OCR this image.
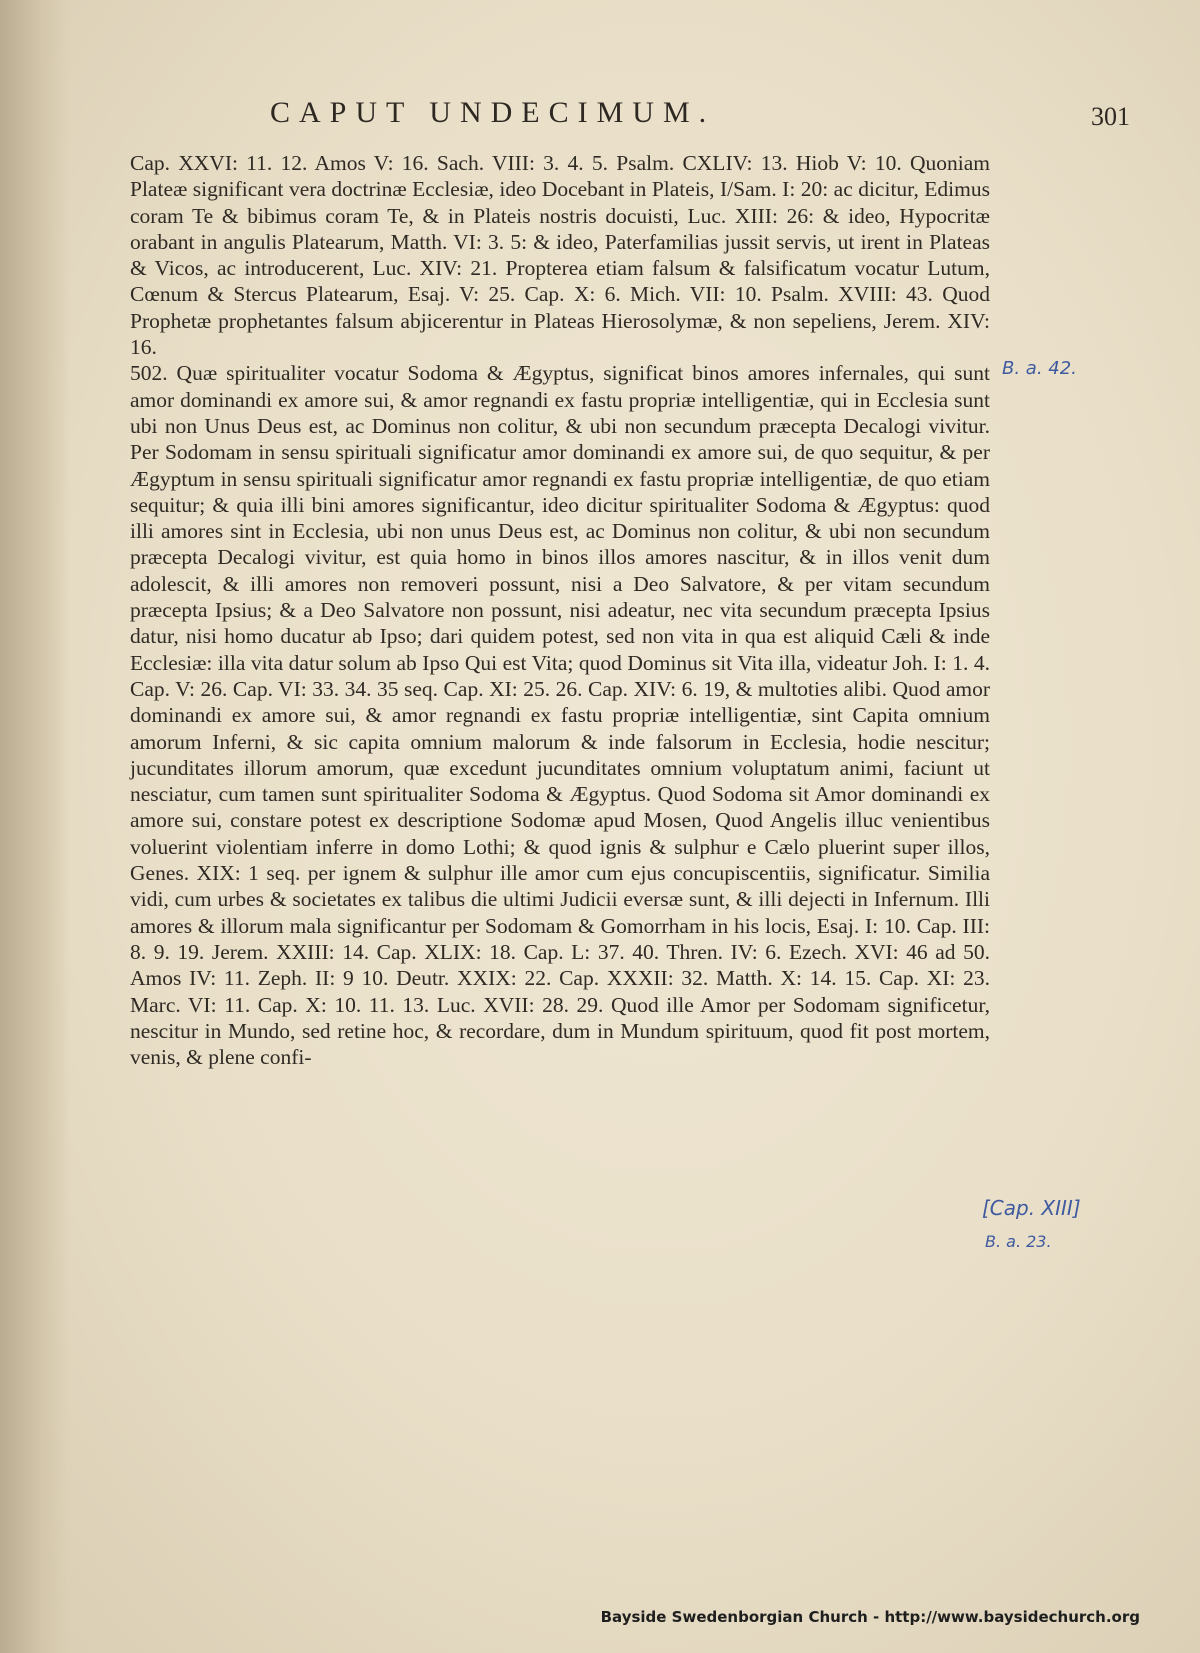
CAPUT UNDECIMUM.	301

Cap. XXVI: 11. 12. Amos V: 16. Sach. VIII: 3. 4. 5. Psalm. CXLIV: 13. Hiob V: 10. Quoniam Plateæ significant vera doctrinæ Ecclesiæ, ideo Docebant in Plateis, I/Sam. I: 20: ac dicitur, Edimus coram Te & bibimus coram Te, & in Plateis nostris docuisti, Luc. XIII: 26: & ideo, Hypocritæ orabant in angulis Platearum, Matth. VI: 3. 5: & ideo, Paterfamilias jussit servis, ut irent in Plateas & Vicos, ac introducerent, Luc. XIV: 21. Propterea etiam falsum & falsificatum vocatur Lutum, Cœnum & Stercus Platearum, Esaj. V: 25. Cap. X: 6. Mich. VII: 10. Psalm. XVIII: 43. Quod Prophetæ prophetantes falsum abjicerentur in Plateas Hierosolymæ, & non sepeliens, Jerem. XIV: 16.

502. Quæ spiritualiter vocatur Sodoma & Ægyptus, significat binos amores infernales, qui sunt amor dominandi ex amore sui, & amor regnandi ex fastu propriæ intelligentiæ, qui in Ecclesia sunt ubi non Unus Deus est, ac Dominus non colitur, & ubi non secundum præcepta Decalogi vivitur. Per Sodomam in sensu spirituali significatur amor dominandi ex amore sui, de quo sequitur, & per Ægyptum in sensu spirituali significatur amor regnandi ex fastu propriæ intelligentiæ, de quo etiam sequitur; & quia illi bini amores significantur, ideo dicitur spiritualiter Sodoma & Ægyptus: quod illi amores sint in Ecclesia, ubi non unus Deus est, ac Dominus non colitur, & ubi non secundum præcepta Decalogi vivitur, est quia homo in binos illos amores nascitur, & in illos venit dum adolescit, & illi amores non removeri possunt, nisi a Deo Salvatore, & per vitam secundum præcepta Ipsius; & a Deo Salvatore non possunt, nisi adeatur, nec vita secundum præcepta Ipsius datur, nisi homo ducatur ab Ipso; dari quidem potest, sed non vita in qua est aliquid Cæli & inde Ecclesiæ: illa vita datur solum ab Ipso Qui est Vita; quod Dominus sit Vita illa, videatur Joh. I: 1. 4. Cap. V: 26. Cap. VI: 33. 34. 35 seq. Cap. XI: 25. 26. Cap. XIV: 6. 19, & multoties alibi. Quod amor dominandi ex amore sui, & amor regnandi ex fastu propriæ intelligentiæ, sint Capita omnium amorum Inferni, & sic capita omnium malorum & inde falsorum in Ecclesia, hodie nescitur; jucunditates illorum amorum, quæ excedunt jucunditates omnium voluptatum animi, faciunt ut nesciatur, cum tamen sunt spiritualiter Sodoma & Ægyptus. Quod Sodoma sit Amor dominandi ex amore sui, constare potest ex descriptione Sodomæ apud Mosen, Quod Angelis illuc venientibus voluerint violentiam inferre in domo Lothi; & quod ignis & sulphur e Cælo pluerint super illos, Genes. XIX: 1 seq. per ignem & sulphur ille amor cum ejus concupiscentiis, significatur. Similia vidi, cum urbes & societates ex talibus die ultimi Judicii eversæ sunt, & illi dejecti in Infernum. Illi amores & illorum mala significantur per Sodomam & Gomorrham in his locis, Esaj. I: 10. Cap. III: 8. 9. 19. Jerem. XXIII: 14. Cap. XLIX: 18. Cap. L: 37. 40. Thren. IV: 6. Ezech. XVI: 46 ad 50. Amos IV: 11. Zeph. II: 9 10. Deutr. XXIX: 22. Cap. XXXII: 32. Matth. X: 14. 15. Cap. XI: 23. Marc. VI: 11. Cap. X: 10. 11. 13. Luc. XVII: 28. 29. Quod ille Amor per Sodomam significetur, nescitur in Mundo, sed retine hoc, & recordare, dum in Mundum spirituum, quod fit post mortem, venis, & plene confi-

B. a. 42.
[Cap. XIII]
B. a. 23.
Bayside Swedenborgian Church - http://www.baysidechurch.org
